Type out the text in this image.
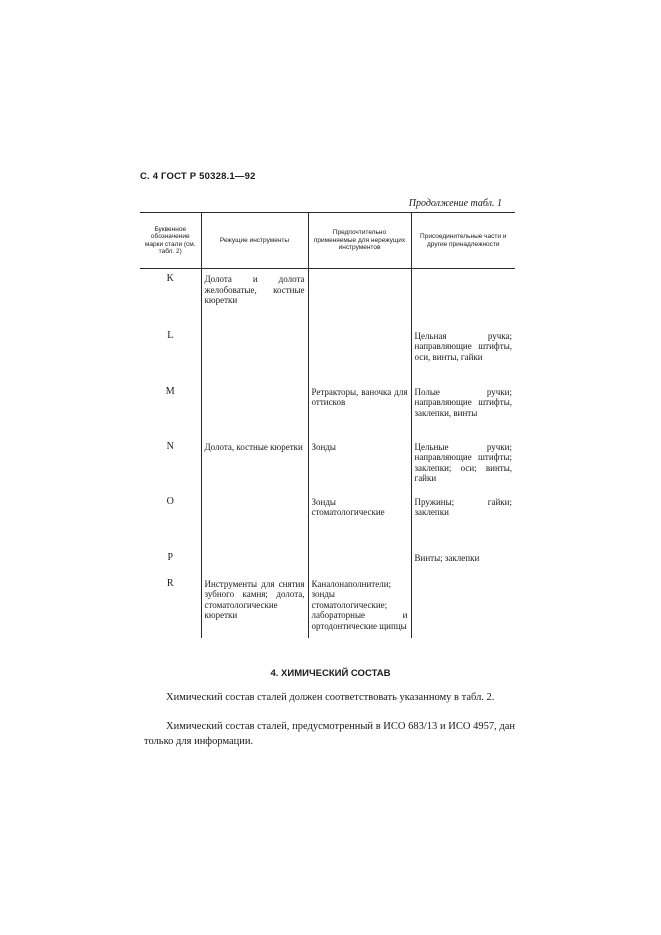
С. 4 ГОСТ Р 50328.1—92
Продолжение табл. 1
Буквенное обозначение марки стали (см. табл. 2)	Режущие инструменты	Предпочтительно применяемые для нережущих инструментов	Присоединительные части и другие принадлежности
K	Долота и долота желобоватые, костные кюретки		
L			Цельная ручка; направляющие штифты, оси, винты, гайки
M		Ретракторы, ваночка для оттисков	Полые ручки; направляющие штифты, заклепки, винты
N	Долота, костные кюретки	Зонды	Цельные ручки; направляющие штифты; заклепки; оси; винты, гайки
O		Зонды стоматологические	Пружины; гайки; заклепки
P			Винты; заклепки
R	Инструменты для снятия зубного камня; долота, стоматологические кюретки	Каналонаполнители; зонды стоматологические; лабораторные и ортодонтические щипцы	
4. ХИМИЧЕСКИЙ СОСТАВ

Химический состав сталей должен соответствовать указанному в табл. 2.

Химический состав сталей, предусмотренный в ИСО 683/13 и ИСО 4957, дан только для информации.
